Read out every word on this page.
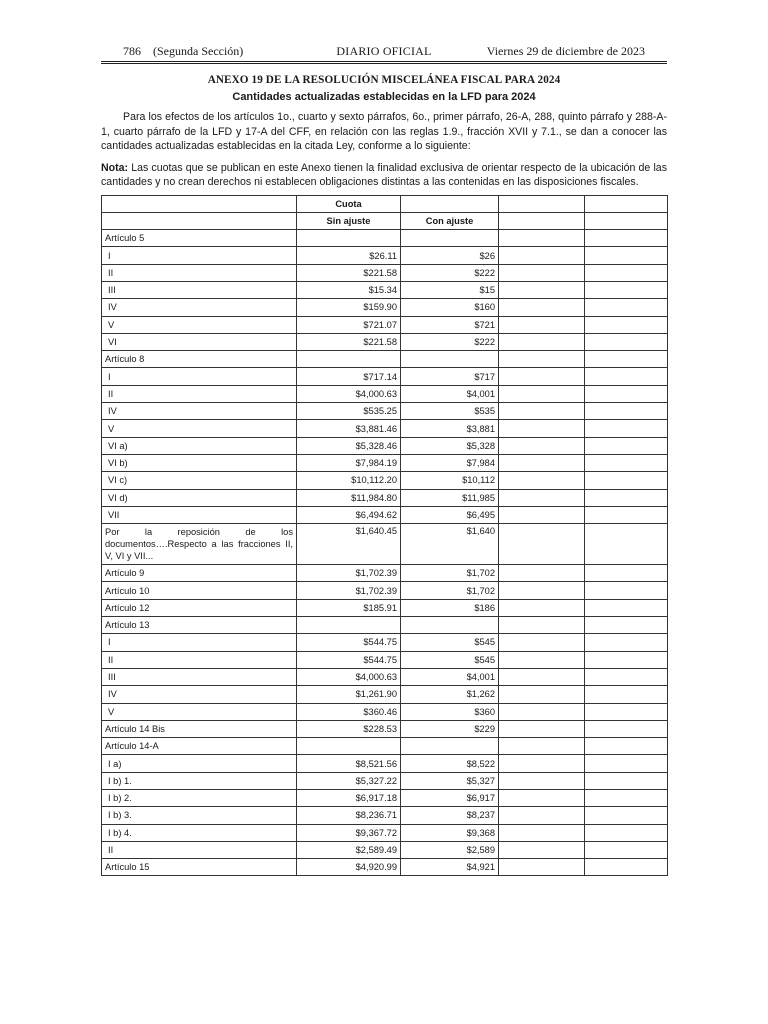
786 (Segunda Sección)	DIARIO OFICIAL	Viernes 29 de diciembre de 2023
ANEXO 19 DE LA RESOLUCIÓN MISCELÁNEA FISCAL PARA 2024
Cantidades actualizadas establecidas en la LFD para 2024
Para los efectos de los artículos 1o., cuarto y sexto párrafos, 6o., primer párrafo, 26-A, 288, quinto párrafo y 288-A-1, cuarto párrafo de la LFD y 17-A del CFF, en relación con las reglas 1.9., fracción XVII y 7.1., se dan a conocer las cantidades actualizadas establecidas en la citada Ley, conforme a lo siguiente:
Nota: Las cuotas que se publican en este Anexo tienen la finalidad exclusiva de orientar respecto de la ubicación de las cantidades y no crean derechos ni establecen obligaciones distintas a las contenidas en las disposiciones fiscales.
	Cuota			
	Sin ajuste	Con ajuste		
Artículo 5				
I	$26.11	$26		
II	$221.58	$222		
III	$15.34	$15		
IV	$159.90	$160		
V	$721.07	$721		
VI	$221.58	$222		
Artículo 8				
I	$717.14	$717		
II	$4,000.63	$4,001		
IV	$535.25	$535		
V	$3,881.46	$3,881		
VI a)	$5,328.46	$5,328		
VI b)	$7,984.19	$7,984		
VI c)	$10,112.20	$10,112		
VI d)	$11,984.80	$11,985		
VII	$6,494.62	$6,495		
Por la reposición de los documentos….Respecto a las fracciones II, V, VI y VII...	$1,640.45	$1,640		
Artículo 9	$1,702.39	$1,702		
Artículo 10	$1,702.39	$1,702		
Artículo 12	$185.91	$186		
Artículo 13				
I	$544.75	$545		
II	$544.75	$545		
III	$4,000.63	$4,001		
IV	$1,261.90	$1,262		
V	$360.46	$360		
Artículo 14 Bis	$228.53	$229		
Artículo 14-A				
I a)	$8,521.56	$8,522		
I b) 1.	$5,327.22	$5,327		
I b) 2.	$6,917.18	$6,917		
I b) 3.	$8,236.71	$8,237		
I b) 4.	$9,367.72	$9,368		
II	$2,589.49	$2,589		
Artículo 15	$4,920.99	$4,921		
